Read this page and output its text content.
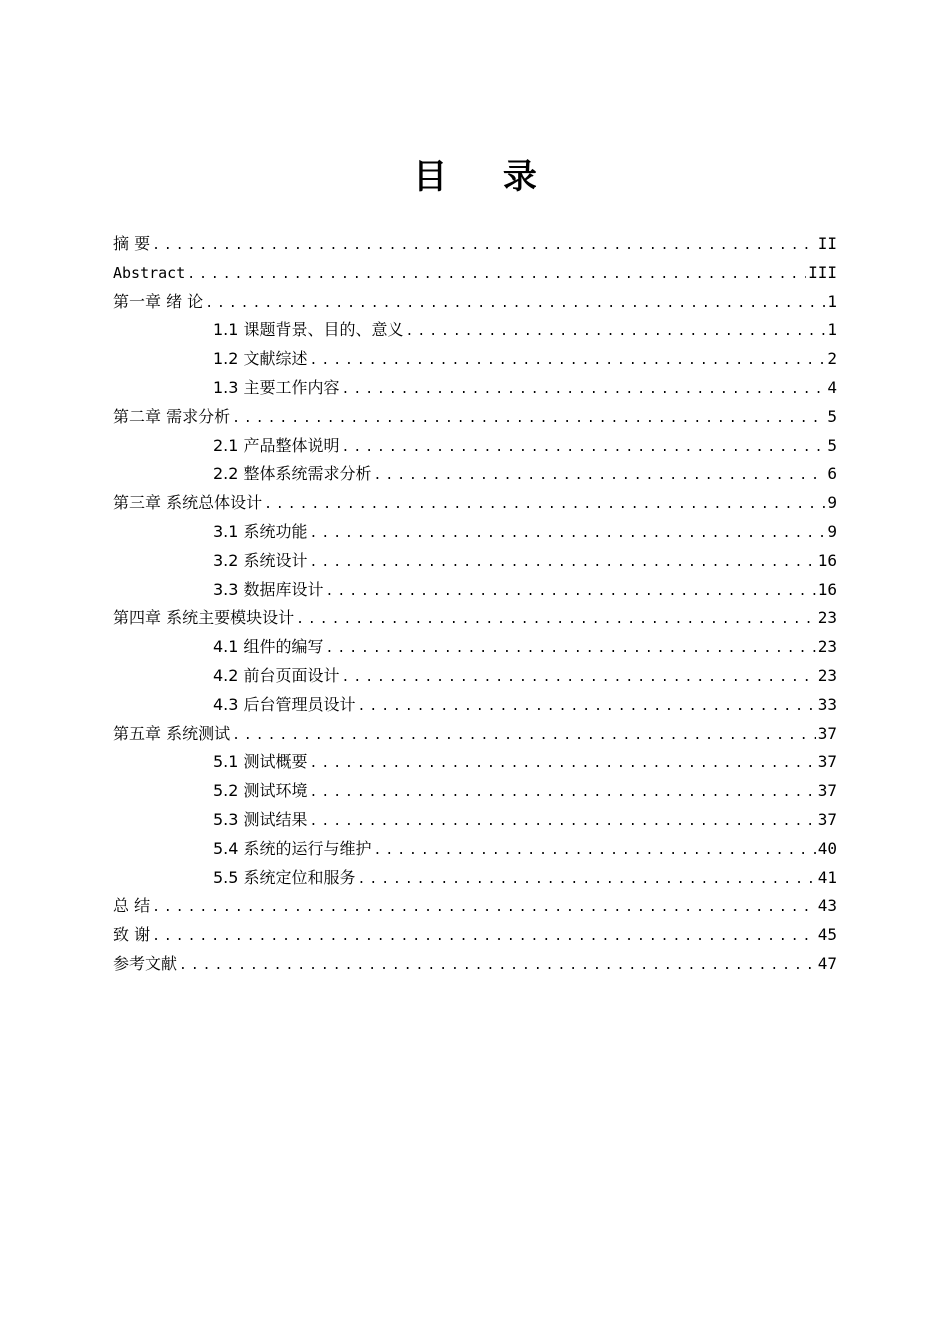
目 录
摘 要 .....	II
Abstract .....	III
第一章 绪 论 .....	1
1.1 课题背景、目的、意义 .....	1
1.2 文献综述 .....	2
1.3 主要工作内容 .....	4
第二章 需求分析 .....	5
2.1 产品整体说明 .....	5
2.2 整体系统需求分析 .....	6
第三章 系统总体设计 .....	9
3.1 系统功能 .....	9
3.2 系统设计 .....	16
3.3 数据库设计 .....	16
第四章 系统主要模块设计 .....	23
4.1 组件的编写 .....	23
4.2 前台页面设计 .....	23
4.3 后台管理员设计 .....	33
第五章 系统测试 .....	37
5.1 测试概要 .....	37
5.2 测试环境 .....	37
5.3 测试结果 .....	37
5.4 系统的运行与维护 .....	40
5.5 系统定位和服务 .....	41
总 结 .....	43
致 谢 .....	45
参考文献 .....	47
